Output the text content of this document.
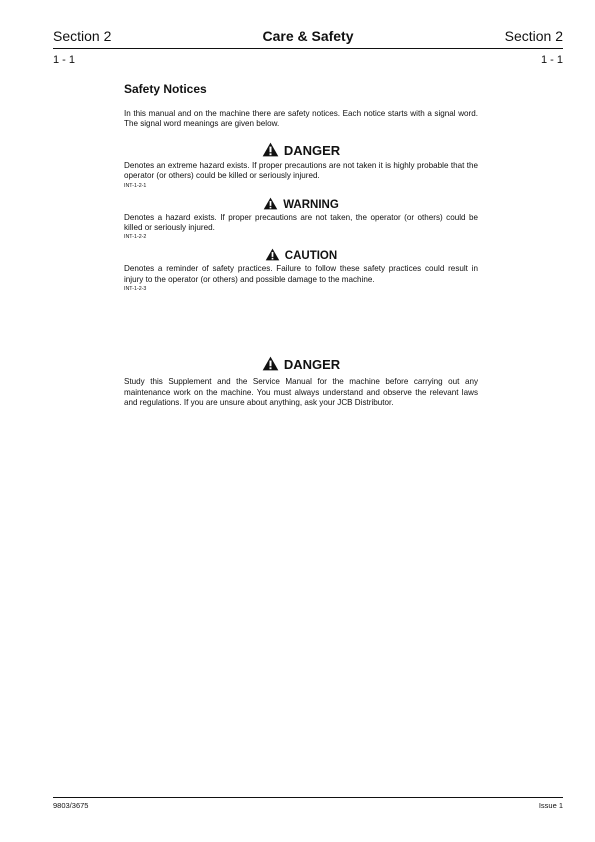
Section 2	Care & Safety	Section 2
1 - 1	1 - 1
Safety Notices

In this manual and on the machine there are safety notices. Each notice starts with a signal word. The signal word meanings are given below.

DANGER

Denotes an extreme hazard exists. If proper precautions are not taken it is highly probable that the operator (or others) could be killed or seriously injured.

INT-1-2-1
WARNING

Denotes a hazard exists. If proper precautions are not taken, the operator (or others) could be killed or seriously injured.

INT-1-2-2
CAUTION

Denotes a reminder of safety practices. Failure to follow these safety practices could result in injury to the operator (or others) and possible damage to the machine.

INT-1-2-3
DANGER

Study this Supplement and the Service Manual for the machine before carrying out any maintenance work on the machine. You must always understand and observe the relevant laws and regulations. If you are unsure about anything, ask your JCB Distributor.

9803/3675	Issue 1
